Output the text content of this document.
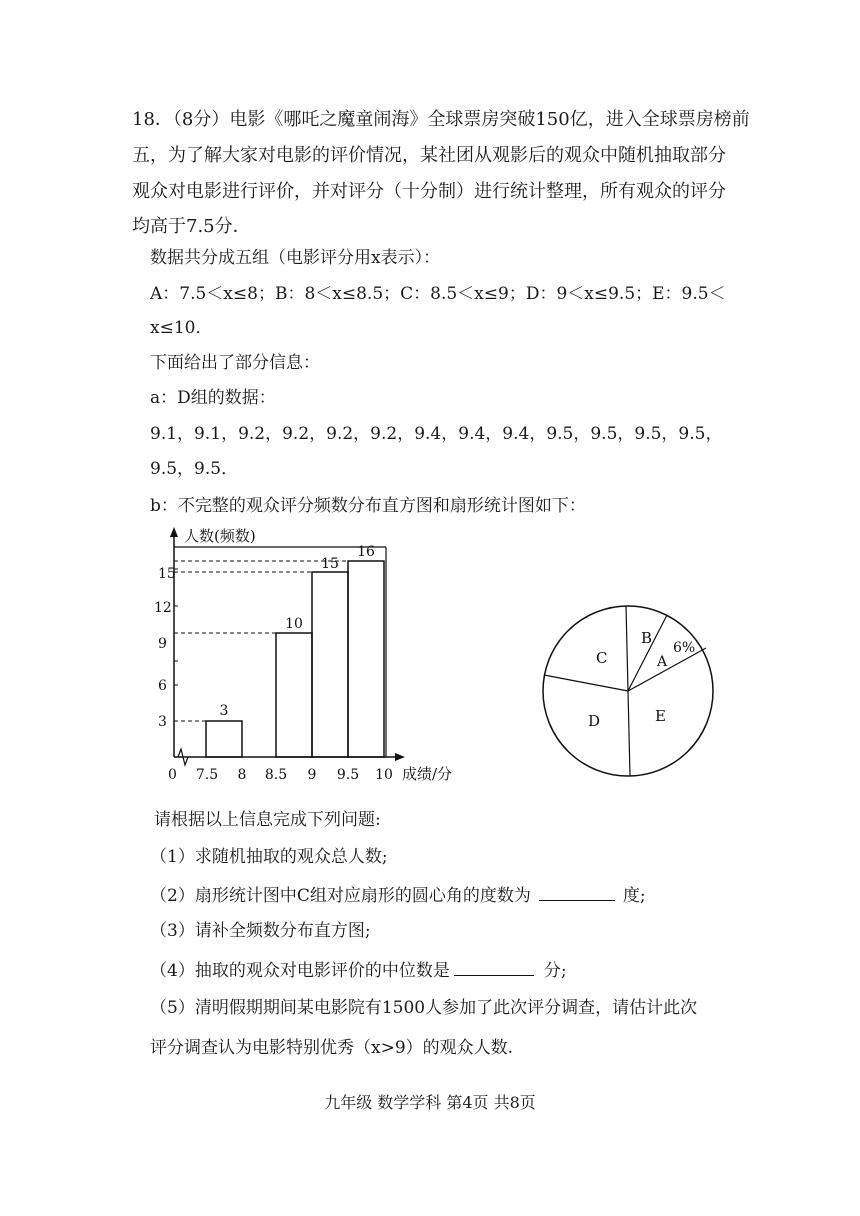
18．（8分）电影《哪吒之魔童闹海》全球票房突破150亿，进入全球票房榜前
五，为了解大家对电影的评价情况，某社团从观影后的观众中随机抽取部分
观众对电影进行评价，并对评分（十分制）进行统计整理，所有观众的评分
均高于7.5分．
数据共分成五组（电影评分用x表示）：
A：7.5＜x≤8；B：8＜x≤8.5；C：8.5＜x≤9；D：9＜x≤9.5；E：9.5＜
x≤10．
下面给出了部分信息：
a：D组的数据：
9.1，9.1，9.2，9.2，9.2，9.2，9.4，9.4，9.4，9.5，9.5，9.5，9.5，
9.5，9.5．
b：不完整的观众评分频数分布直方图和扇形统计图如下：
3
10
15
16
15
12
9
6
3
0 7.5 8 8.5 9 9.5 10
人数(频数)
成绩/分
C
B
A
6%
D	E
请根据以上信息完成下列问题:
（1）求随机抽取的观众总人数;
（2）扇形统计图中C组对应扇形的圆心角的度数为	度;
（3）请补全频数分布直方图;
（4）抽取的观众对电影评价的中位数是	分;
（5）清明假期期间某电影院有1500人参加了此次评分调查，请估计此次
评分调查认为电影特别优秀（x>9）的观众人数.
九年级 数学学科 第4页 共8页
